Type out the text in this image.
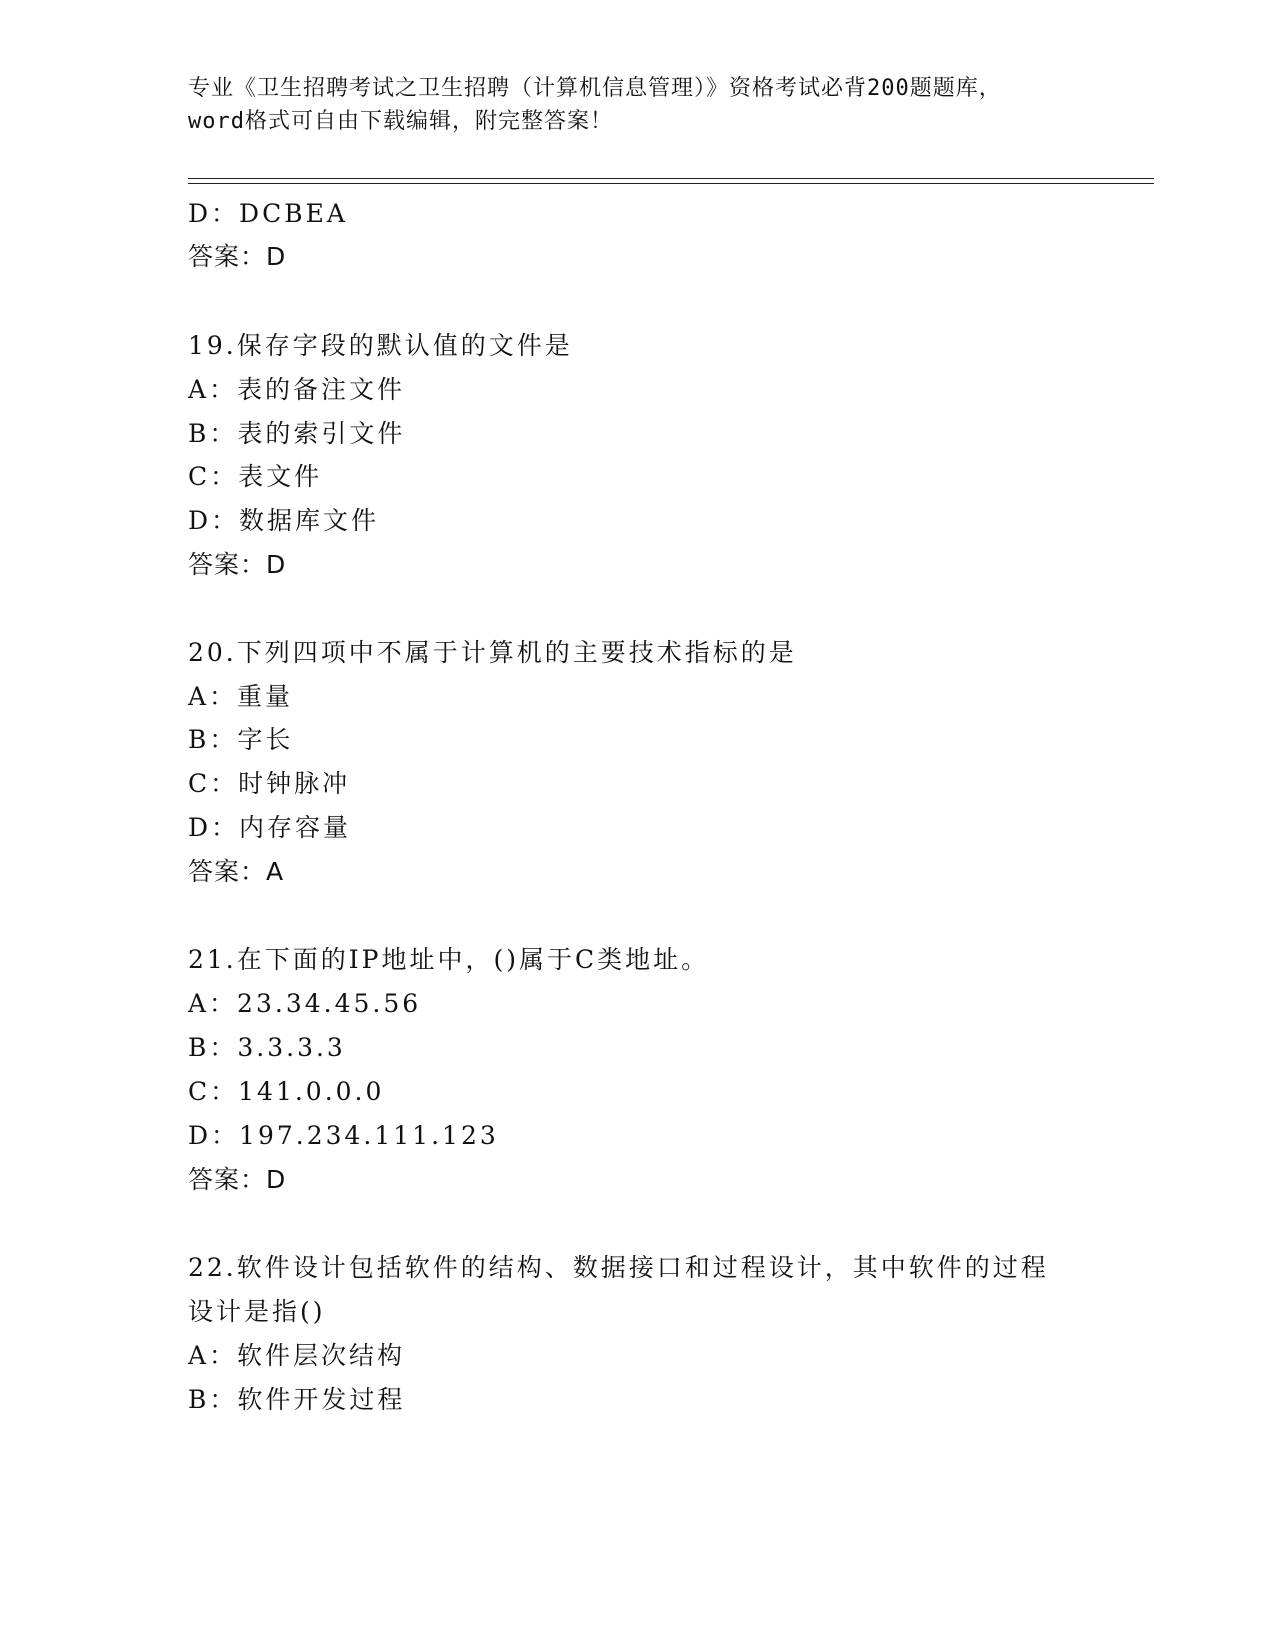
专业《卫生招聘考试之卫生招聘（计算机信息管理）》资格考试必背200题题库，
word格式可自由下载编辑，附完整答案！
D：DCBEA
答案：D
19.保存字段的默认值的文件是
A：表的备注文件
B：表的索引文件
C：表文件
D：数据库文件
答案：D
20.下列四项中不属于计算机的主要技术指标的是
A：重量
B：字长
C：时钟脉冲
D：内存容量
答案：A
21.在下面的IP地址中，()属于C类地址。
A：23.34.45.56
B：3.3.3.3
C：141.0.0.0
D：197.234.111.123
答案：D
22.软件设计包括软件的结构、数据接口和过程设计，其中软件的过程
设计是指()
A：软件层次结构
B：软件开发过程
